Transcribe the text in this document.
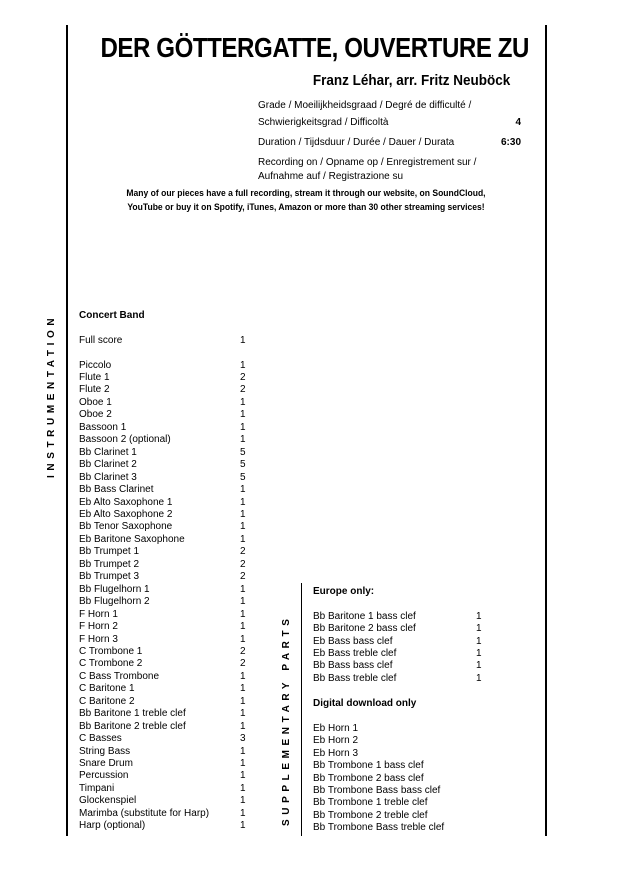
DER GÖTTERGATTE, OUVERTURE ZU
Franz Léhar, arr. Fritz Neuböck
Grade / Moeilijkheidsgraad / Degré de difficulté /
Schwierigkeitsgrad / Difficoltà	4
Duration / Tijdsduur / Durée / Dauer / Durata	6:30
Recording on / Opname op / Enregistrement sur /
Aufnahme auf / Registrazione su
Many of our pieces have a full recording, stream it through our website, on SoundCloud,
YouTube or buy it on Spotify, iTunes, Amazon or more than 30 other streaming services!
INSTRUMENTATION
SUPPLEMENTARY PARTS
Concert Band
Full score	1
Piccolo	1
Flute 1	2
Flute 2	2
Oboe 1	1
Oboe 2	1
Bassoon 1	1
Bassoon 2 (optional)	1
Bb Clarinet 1	5
Bb Clarinet 2	5
Bb Clarinet 3	5
Bb Bass Clarinet	1
Eb Alto Saxophone 1	1
Eb Alto Saxophone 2	1
Bb Tenor Saxophone	1
Eb Baritone Saxophone	1
Bb Trumpet 1	2
Bb Trumpet 2	2
Bb Trumpet 3	2
Bb Flugelhorn 1	1
Bb Flugelhorn 2	1
F Horn 1	1
F Horn 2	1
F Horn 3	1
C Trombone 1	2
C Trombone 2	2
C Bass Trombone	1
C Baritone 1	1
C Baritone 2	1
Bb Baritone 1 treble clef	1
Bb Baritone 2 treble clef	1
C Basses	3
String Bass	1
Snare Drum	1
Percussion	1
Timpani	1
Glockenspiel	1
Marimba (substitute for Harp)	1
Harp (optional)	1
Europe only:
Bb Baritone 1 bass clef	1
Bb Baritone 2 bass clef	1
Eb Bass bass clef	1
Eb Bass treble clef	1
Bb Bass bass clef	1
Bb Bass treble clef	1
Digital download only
Eb Horn 1
Eb Horn 2
Eb Horn 3
Bb Trombone 1 bass clef
Bb Trombone 2 bass clef
Bb Trombone Bass bass clef
Bb Trombone 1 treble clef
Bb Trombone 2 treble clef
Bb Trombone Bass treble clef
